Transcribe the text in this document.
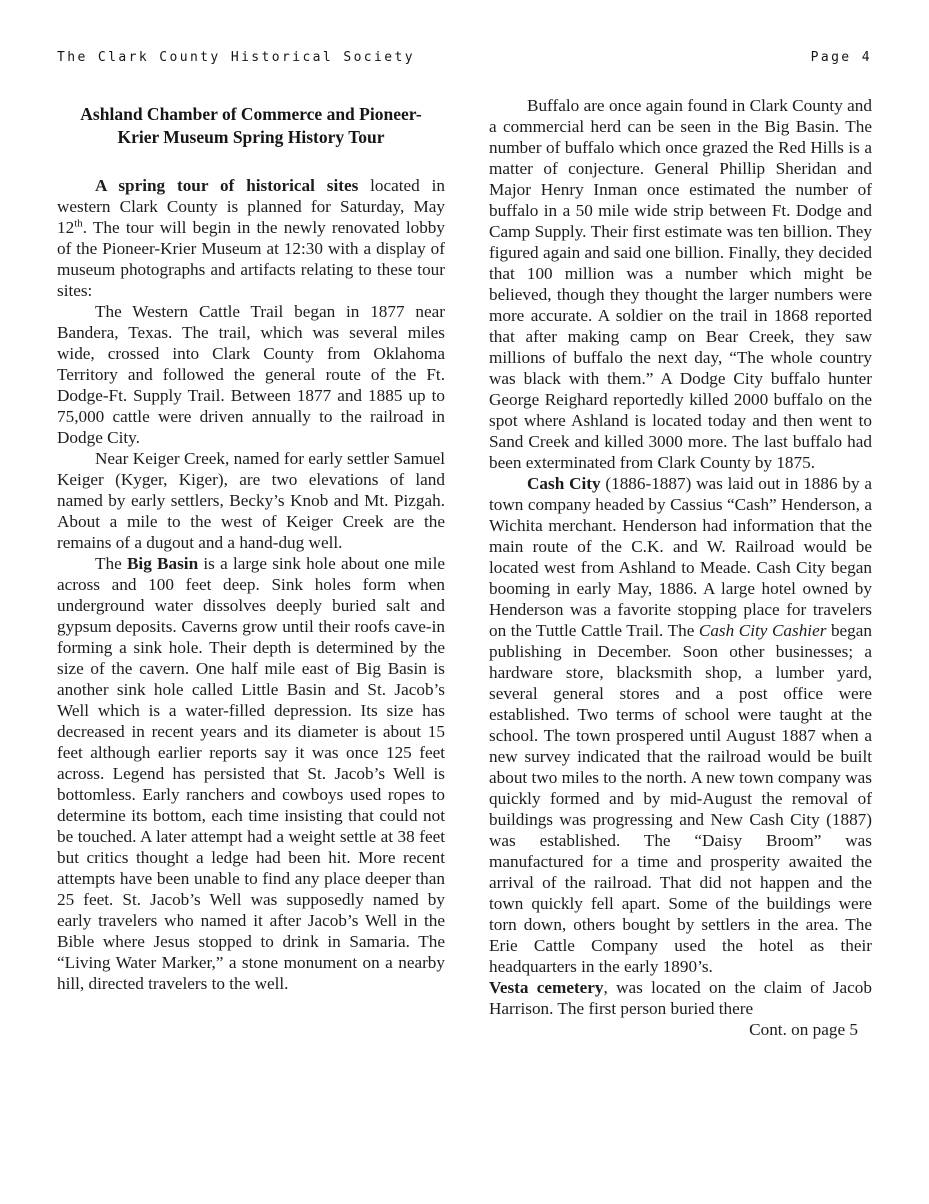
The Clark County Historical Society	Page 4
Ashland Chamber of Commerce and Pioneer-
Krier Museum Spring History Tour

A spring tour of historical sites located in western Clark County is planned for Saturday, May 12th. The tour will begin in the newly renovated lobby of the Pioneer-Krier Museum at 12:30 with a display of museum photographs and artifacts relating to these tour sites:

The Western Cattle Trail began in 1877 near Bandera, Texas. The trail, which was several miles wide, crossed into Clark County from Oklahoma Territory and followed the general route of the Ft. Dodge-Ft. Supply Trail. Between 1877 and 1885 up to 75,000 cattle were driven annually to the railroad in Dodge City.

Near Keiger Creek, named for early settler Samuel Keiger (Kyger, Kiger), are two elevations of land named by early settlers, Becky’s Knob and Mt. Pizgah. About a mile to the west of Keiger Creek are the remains of a dugout and a hand-dug well.

The Big Basin is a large sink hole about one mile across and 100 feet deep. Sink holes form when underground water dissolves deeply buried salt and gypsum deposits. Caverns grow until their roofs cave-in forming a sink hole. Their depth is determined by the size of the cavern. One half mile east of Big Basin is another sink hole called Little Basin and St. Jacob’s Well which is a water-filled depression. Its size has decreased in recent years and its diameter is about 15 feet although earlier reports say it was once 125 feet across. Legend has persisted that St. Jacob’s Well is bottomless. Early ranchers and cowboys used ropes to determine its bottom, each time insisting that could not be touched. A later attempt had a weight settle at 38 feet but critics thought a ledge had been hit. More recent attempts have been unable to find any place deeper than 25 feet. St. Jacob’s Well was supposedly named by early travelers who named it after Jacob’s Well in the Bible where Jesus stopped to drink in Samaria. The “Living Water Marker,” a stone monument on a nearby hill, directed travelers to the well.

Buffalo are once again found in Clark County and a commercial herd can be seen in the Big Basin. The number of buffalo which once grazed the Red Hills is a matter of conjecture. General Phillip Sheridan and Major Henry Inman once estimated the number of buffalo in a 50 mile wide strip between Ft. Dodge and Camp Supply. Their first estimate was ten billion. They figured again and said one billion. Finally, they decided that 100 million was a number which might be believed, though they thought the larger numbers were more accurate. A soldier on the trail in 1868 reported that after making camp on Bear Creek, they saw millions of buffalo the next day, “The whole country was black with them.” A Dodge City buffalo hunter George Reighard reportedly killed 2000 buffalo on the spot where Ashland is located today and then went to Sand Creek and killed 3000 more. The last buffalo had been exterminated from Clark County by 1875.

Cash City (1886-1887) was laid out in 1886 by a town company headed by Cassius “Cash” Henderson, a Wichita merchant. Henderson had information that the main route of the C.K. and W. Railroad would be located west from Ashland to Meade. Cash City began booming in early May, 1886. A large hotel owned by Henderson was a favorite stopping place for travelers on the Tuttle Cattle Trail. The Cash City Cashier began publishing in December. Soon other businesses; a hardware store, blacksmith shop, a lumber yard, several general stores and a post office were established. Two terms of school were taught at the school. The town prospered until August 1887 when a new survey indicated that the railroad would be built about two miles to the north. A new town company was quickly formed and by mid-August the removal of buildings was progressing and New Cash City (1887) was established. The “Daisy Broom” was manufactured for a time and prosperity awaited the arrival of the railroad. That did not happen and the town quickly fell apart. Some of the buildings were torn down, others bought by settlers in the area. The Erie Cattle Company used the hotel as their headquarters in the early 1890’s.

Vesta cemetery, was located on the claim of Jacob Harrison. The first person buried there

Cont. on page 5
